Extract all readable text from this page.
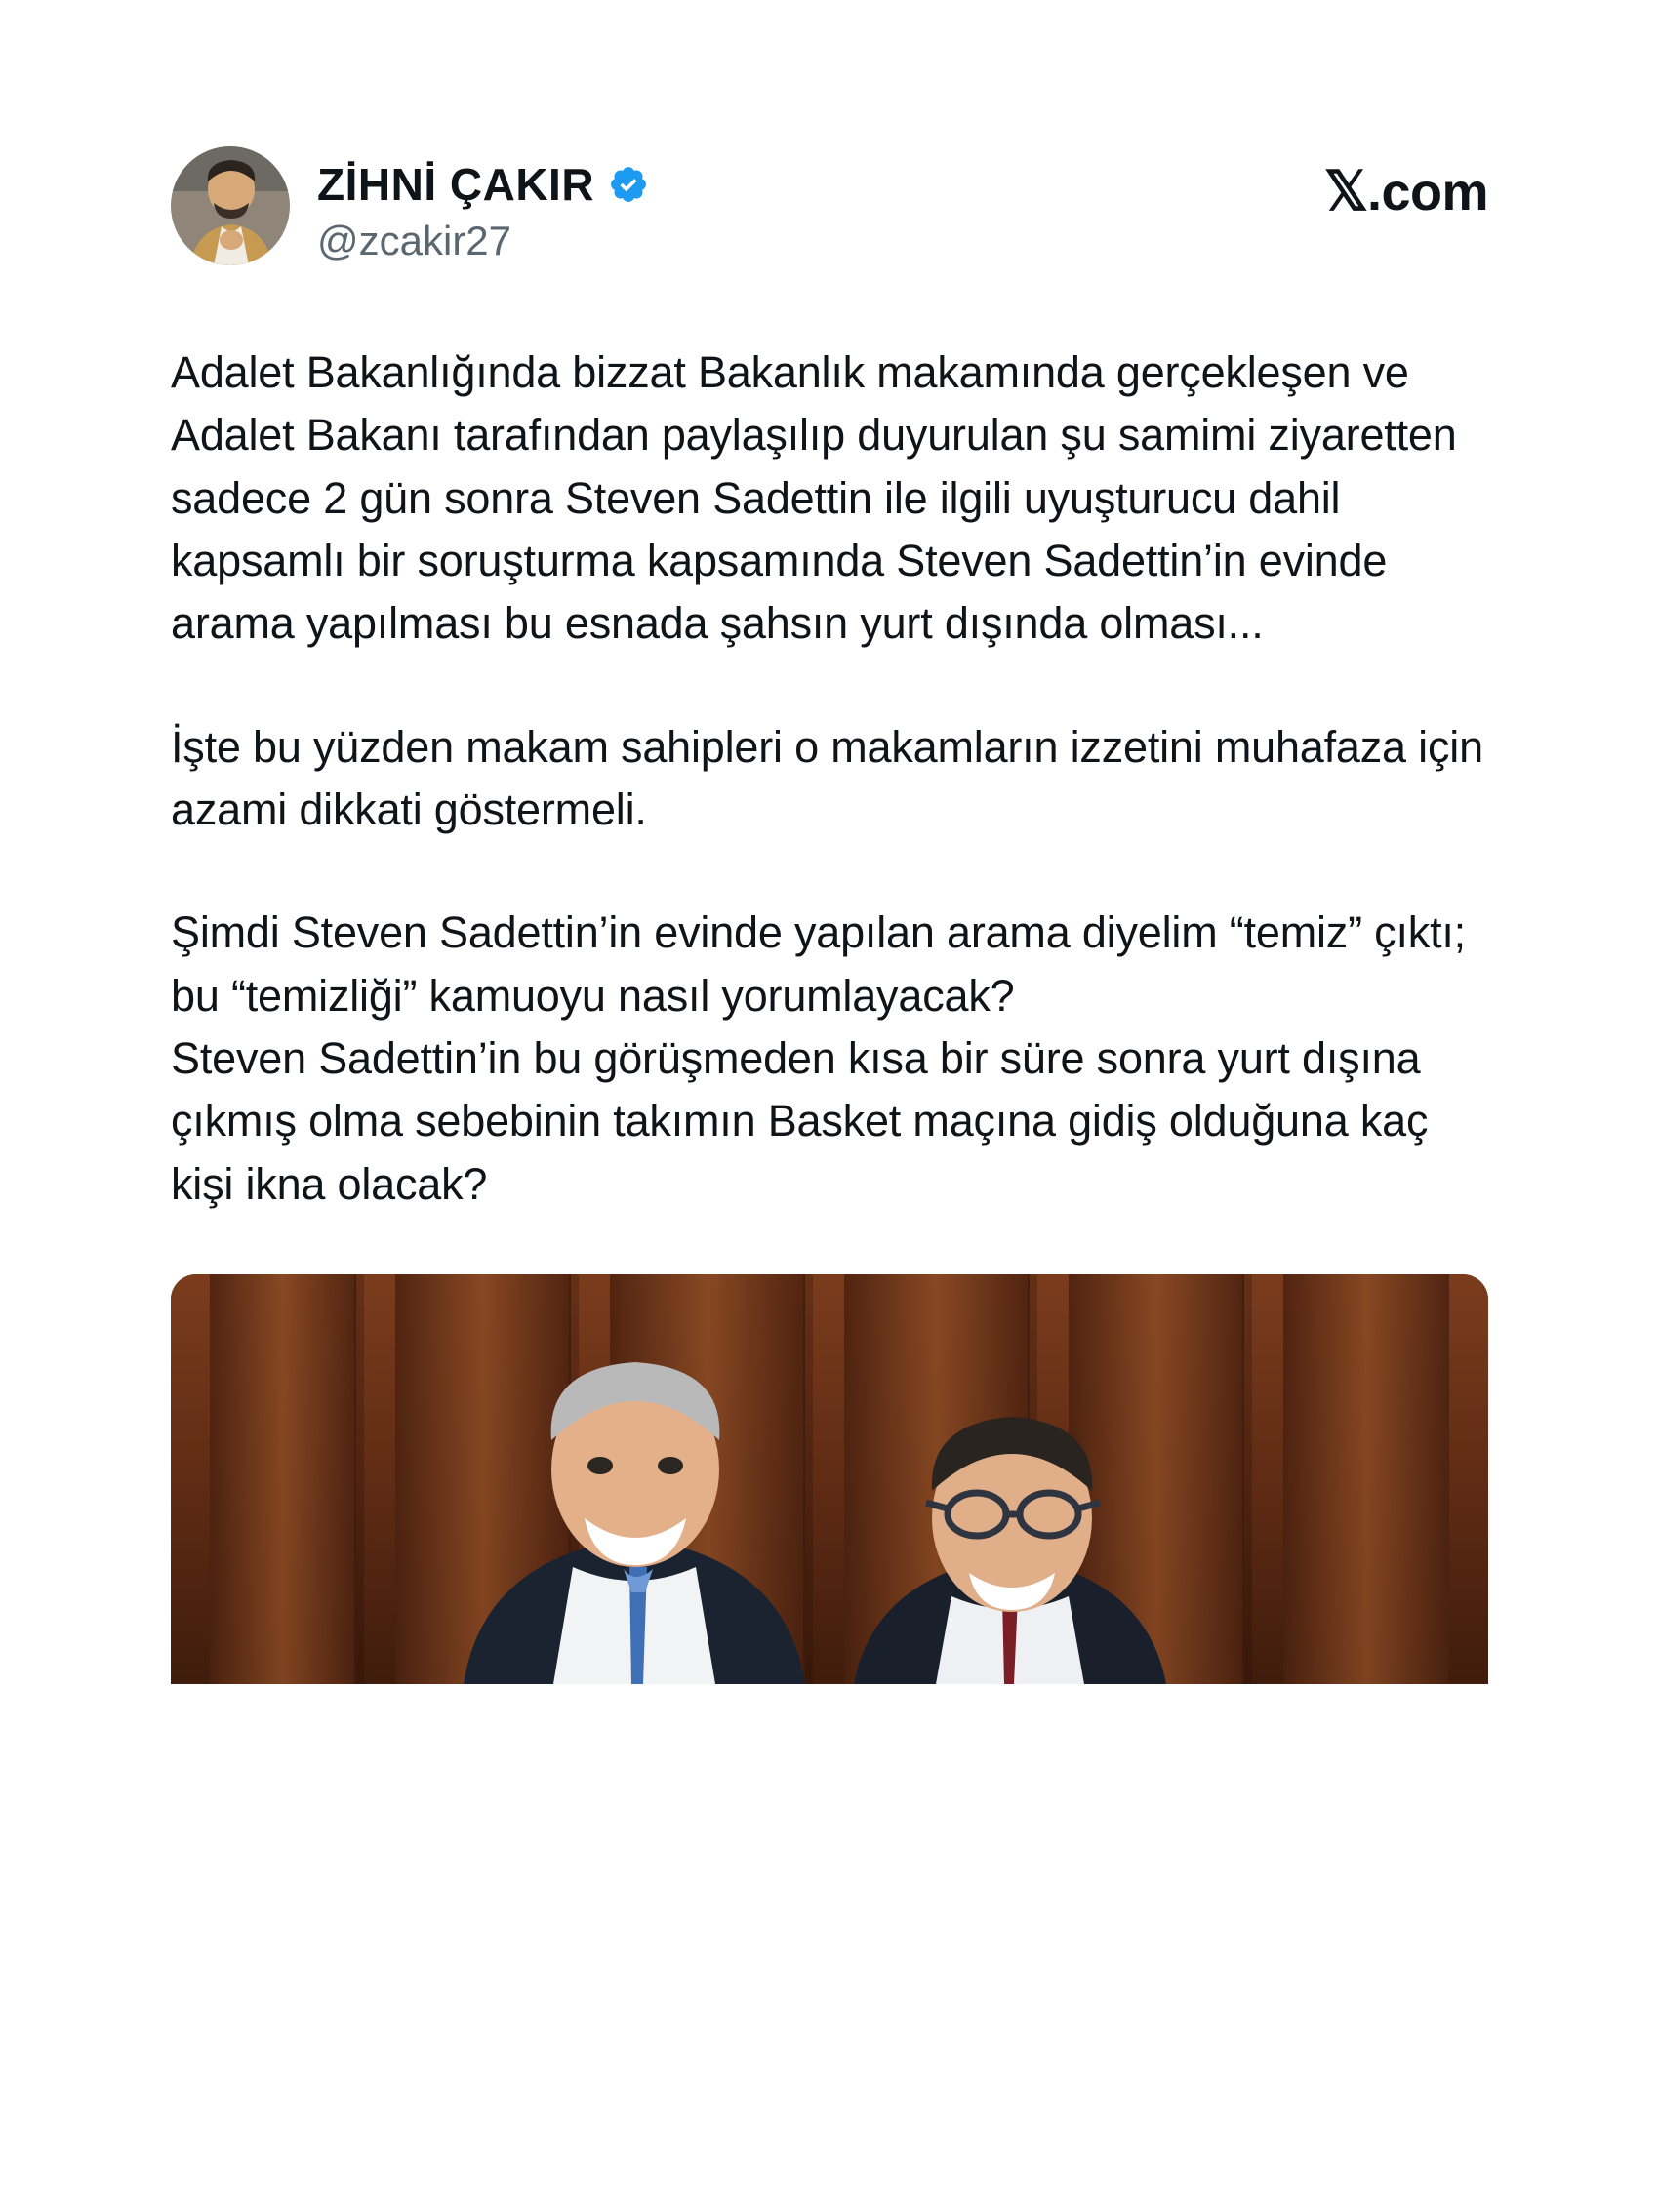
ZİHNİ ÇAKIR
@zcakir27
𝕏 .com

Adalet Bakanlığında bizzat Bakanlık makamında gerçekleşen ve Adalet Bakanı tarafından paylaşılıp duyurulan şu samimi ziyaretten sadece 2 gün sonra Steven Sadettin ile ilgili uyuşturucu dahil kapsamlı bir soruşturma kapsamında Steven Sadettin’in evinde arama yapılması bu esnada şahsın yurt dışında olması...

İşte bu yüzden makam sahipleri o makamların izzetini muhafaza için azami dikkati göstermeli.

Şimdi Steven Sadettin’in evinde yapılan arama diyelim “temiz” çıktı; bu “temizliği” kamuoyu nasıl yorumlayacak?

Steven Sadettin’in bu görüşmeden kısa bir süre sonra yurt dışına çıkmış olma sebebinin takımın Basket maçına gidiş olduğuna kaç kişi ikna olacak?
